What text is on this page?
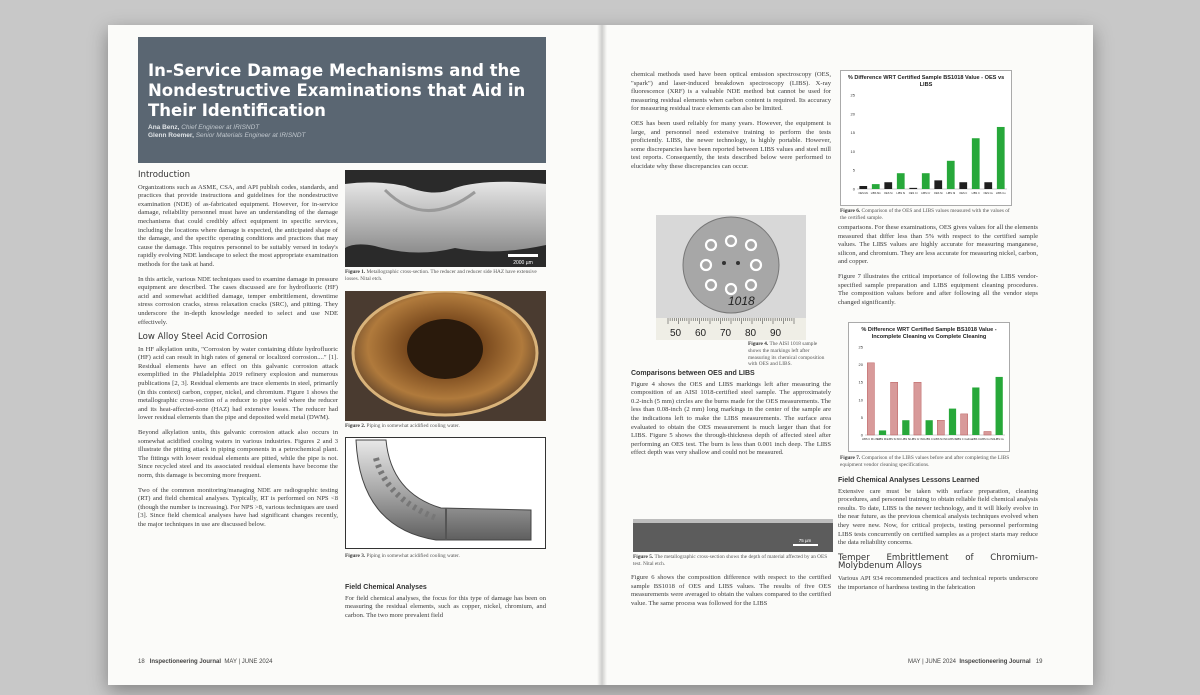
In-Service Damage Mechanisms and the Nondestructive Examinations that Aid in Their Identification
Ana Benz, Chief Engineer at IRISNDT
Glenn Roemer, Senior Materials Engineer at IRISNDT
Introduction

Organizations such as ASME, CSA, and API publish codes, standards, and practices that provide instructions and guidelines for the nondestructive examination (NDE) of as-fabricated equipment. However, for in-service damage, reliability personnel must have an understanding of the damage mechanisms that could credibly affect equipment in specific services, including the locations where damage is expected, the anticipated shape of the damage, and the specific operating conditions and practices that may cause the damage. This requires personnel to be suitably versed in today's rapidly evolving NDE landscape to select the most appropriate examination methods for the task at hand.

In this article, various NDE techniques used to examine damage in pressure equipment are described. The cases discussed are for hydrofluoric (HF) acid and somewhat acidified damage, temper embrittlement, downtime stress corrosion cracks, stress relaxation cracks (SRC), and pitting. They underscore the in-depth knowledge needed to select and use NDE effectively.

Low Alloy Steel Acid Corrosion

In HF alkylation units, "Corrosion by water containing dilute hydrofluoric (HF) acid can result in high rates of general or localized corrosion...." [1]. Residual elements have an effect on this galvanic corrosion attack exemplified in the Philadelphia 2019 refinery explosion and numerous publications [2, 3]. Residual elements are trace elements in steel, primarily (in this context) carbon, copper, nickel, and chromium. Figure 1 shows the metallographic cross-section of a reducer to pipe weld where the reducer and its heat-affected-zone (HAZ) had extensive losses. The reducer had lower residual elements than the pipe and deposited weld metal (DWM).

Beyond alkylation units, this galvanic corrosion attack also occurs in somewhat acidified cooling waters in various industries. Figures 2 and 3 illustrate the pitting attack in piping components in a petrochemical plant. The fittings with lower residual elements are pitted, while the pipe is not. Since recycled steel and its associated residual elements have become the norm, this damage is becoming more frequent.

Two of the common monitoring/managing NDE are radiographic testing (RT) and field chemical analyses. Typically, RT is performed on NPS <8 (though the number is increasing). For NPS >8, various techniques are used [3]. Since field chemical analyses have had significant changes recently, the major techniques in use are discussed below.

2000 µm
Figure 1. Metallographic cross-section. The reducer and reducer side HAZ have extensive losses. Nital etch.
Figure 2. Piping in somewhat acidified cooling water.
Figure 3. Piping in somewhat acidified cooling water.
Field Chemical Analyses

For field chemical analyses, the focus for this type of damage has been on measuring the residual elements, such as copper, nickel, chromium, and carbon. The two more prevalent field

18 Inspectioneering Journal MAY | JUNE 2024

chemical methods used have been optical emission spectroscopy (OES, "spark") and laser-induced breakdown spectroscopy (LIBS). X-ray fluorescence (XRF) is a valuable NDE method but cannot be used for measuring residual elements when carbon content is required. Its accuracy for measuring residual trace elements can also be limited.

OES has been used reliably for many years. However, the equipment is large, and personnel need extensive training to perform the tests proficiently. LIBS, the newer technology, is highly portable. However, some discrepancies have been reported between LIBS values and steel mill test reports. Consequently, the tests described below were performed to elucidate why these discrepancies can occur.

1018
50 60 70 80 90
Figure 4. The AISI 1018 sample shows the markings left after measuring its chemical composition with OES and LIBS.
Comparisons between OES and LIBS

Figure 4 shows the OES and LIBS markings left after measuring the composition of an AISI 1018-certified steel sample. The approximately 0.2-inch (5 mm) circles are the burns made for the OES measurements. The less than 0.08-inch (2 mm) long markings in the center of the sample are the indications left to make the LIBS measurements. The surface area evaluated to obtain the OES measurement is much larger than that for LIBS. Figure 5 shows the through-thickness depth of affected steel after performing an OES test. The burn is less than 0.001 inch deep. The LIBS effect depth was very shallow and could not be measured.

75 µm
Figure 5. The metallographic cross-section shows the depth of material affected by an OES test. Nital etch.

Figure 6 shows the composition difference with respect to the certified sample BS1018 of OES and LIBS values. The results of five OES measurements were averaged to obtain the values compared to the certified value. The same process was followed for the LIBS

% Difference WRT Certified Sample BS1018 Value - OES vs LIBS
0
5
10
15
20
25
OES Mn LIBS Mn OES Si LIBS Si OES Cr LIBS Cr OES Ni LIBS Ni OES C LIBS C OES Cu LIBS Cu
Figure 6. Comparison of the OES and LIBS values measured with the values of the certified sample.

comparisons. For these examinations, OES gives values for all the elements measured that differ less than 5% with respect to the certified sample values. The LIBS values are highly accurate for measuring manganese, silicon, and chromium. They are less accurate for measuring nickel, carbon, and copper.

Figure 7 illustrates the critical importance of following the LIBS vendor-specified sample preparation and LIBS equipment cleaning procedures. The composition values before and after following all the vendor steps changed significantly.

% Difference WRT Certified Sample BS1018 Value - Incomplete Cleaning vs Complete Cleaning
0
5
10
15
20
25
LIBS C Mn INC
LIBS Mn LIBS Si INC LIBS Si LIBS Cr INC LIBS Cr LIBS Ni INC LIBS Ni
LIBS C Carbon
LIBS C LIBS Cu INC LIBS Cu
Figure 7. Comparison of the LIBS values before and after completing the LIBS equipment vendor cleaning specifications.
Field Chemical Analyses Lessons Learned

Extensive care must be taken with surface preparation, cleaning procedures, and personnel training to obtain reliable field chemical analysis results. To date, LIBS is the newer technology, and it will likely evolve in the near future, as the previous chemical analysis techniques evolved when they were new. Now, for critical projects, testing personnel performing LIBS tests concurrently on certified samples as a project starts may reduce the data reliability concerns.

Temper Embrittlement of Chromium-Molybdenum Alloys

Various API 934 recommended practices and technical reports underscore the importance of hardness testing in the fabrication

MAY | JUNE 2024 Inspectioneering Journal 19
